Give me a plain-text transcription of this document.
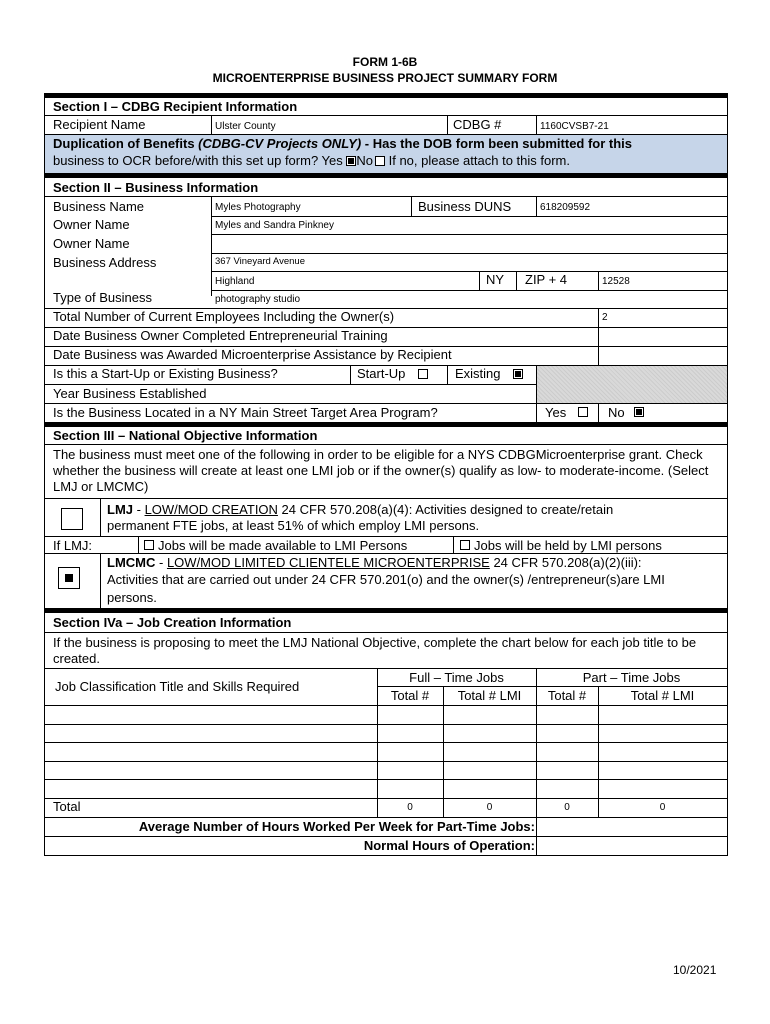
FORM 1-6B
MICROENTERPRISE BUSINESS PROJECT SUMMARY FORM
Section I – CDBG Recipient Information
Recipient Name	Ulster County	CDBG #	1160CVSB7-21
Duplication of Benefits (CDBG-CV Projects ONLY) - Has the DOB form been submitted for this
business to OCR before/with this set up form? Yes No If no, please attach to this form.
Section II – Business Information
Business Name	Myles Photography	Business DUNS	618209592
Owner Name	Myles and Sandra Pinkney
Owner Name
Business Address	367 Vineyard Avenue
Highland	NY ZIP + 4	12528
Type of Business	photography studio
Total Number of Current Employees Including the Owner(s)	2
Date Business Owner Completed Entrepreneurial Training
Date Business was Awarded Microenterprise Assistance by Recipient
Is this a Start-Up or Existing Business?	Start-Up	Existing
Year Business Established
Is the Business Located in a NY Main Street Target Area Program?	Yes	No
Section III – National Objective Information
The business must meet one of the following in order to be eligible for a NYS CDBGMicroenterprise grant. Check whether the business will create at least one LMI job or if the owner(s) qualify as low- to moderate-income. (Select LMJ or LMCMC)
LMJ - LOW/MOD CREATION 24 CFR 570.208(a)(4): Activities designed to create/retain
permanent FTE jobs, at least 51% of which employ LMI persons.
If LMJ:	Jobs will be made available to LMI Persons	Jobs will be held by LMI persons
LMCMC - LOW/MOD LIMITED CLIENTELE MICROENTERPRISE 24 CFR 570.208(a)(2)(iii):
Activities that are carried out under 24 CFR 570.201(o) and the owner(s) /entrepreneur(s)are LMI
persons.
Section IVa – Job Creation Information
If the business is proposing to meet the LMJ National Objective, complete the chart below for each job title to be created.
Job Classification Title and Skills Required
Full – Time Jobs	Part – Time Jobs
Total #	Total # LMI	Total #	Total # LMI
Total	0	0	0	0
Average Number of Hours Worked Per Week for Part-Time Jobs:
Normal Hours of Operation:
10/2021
